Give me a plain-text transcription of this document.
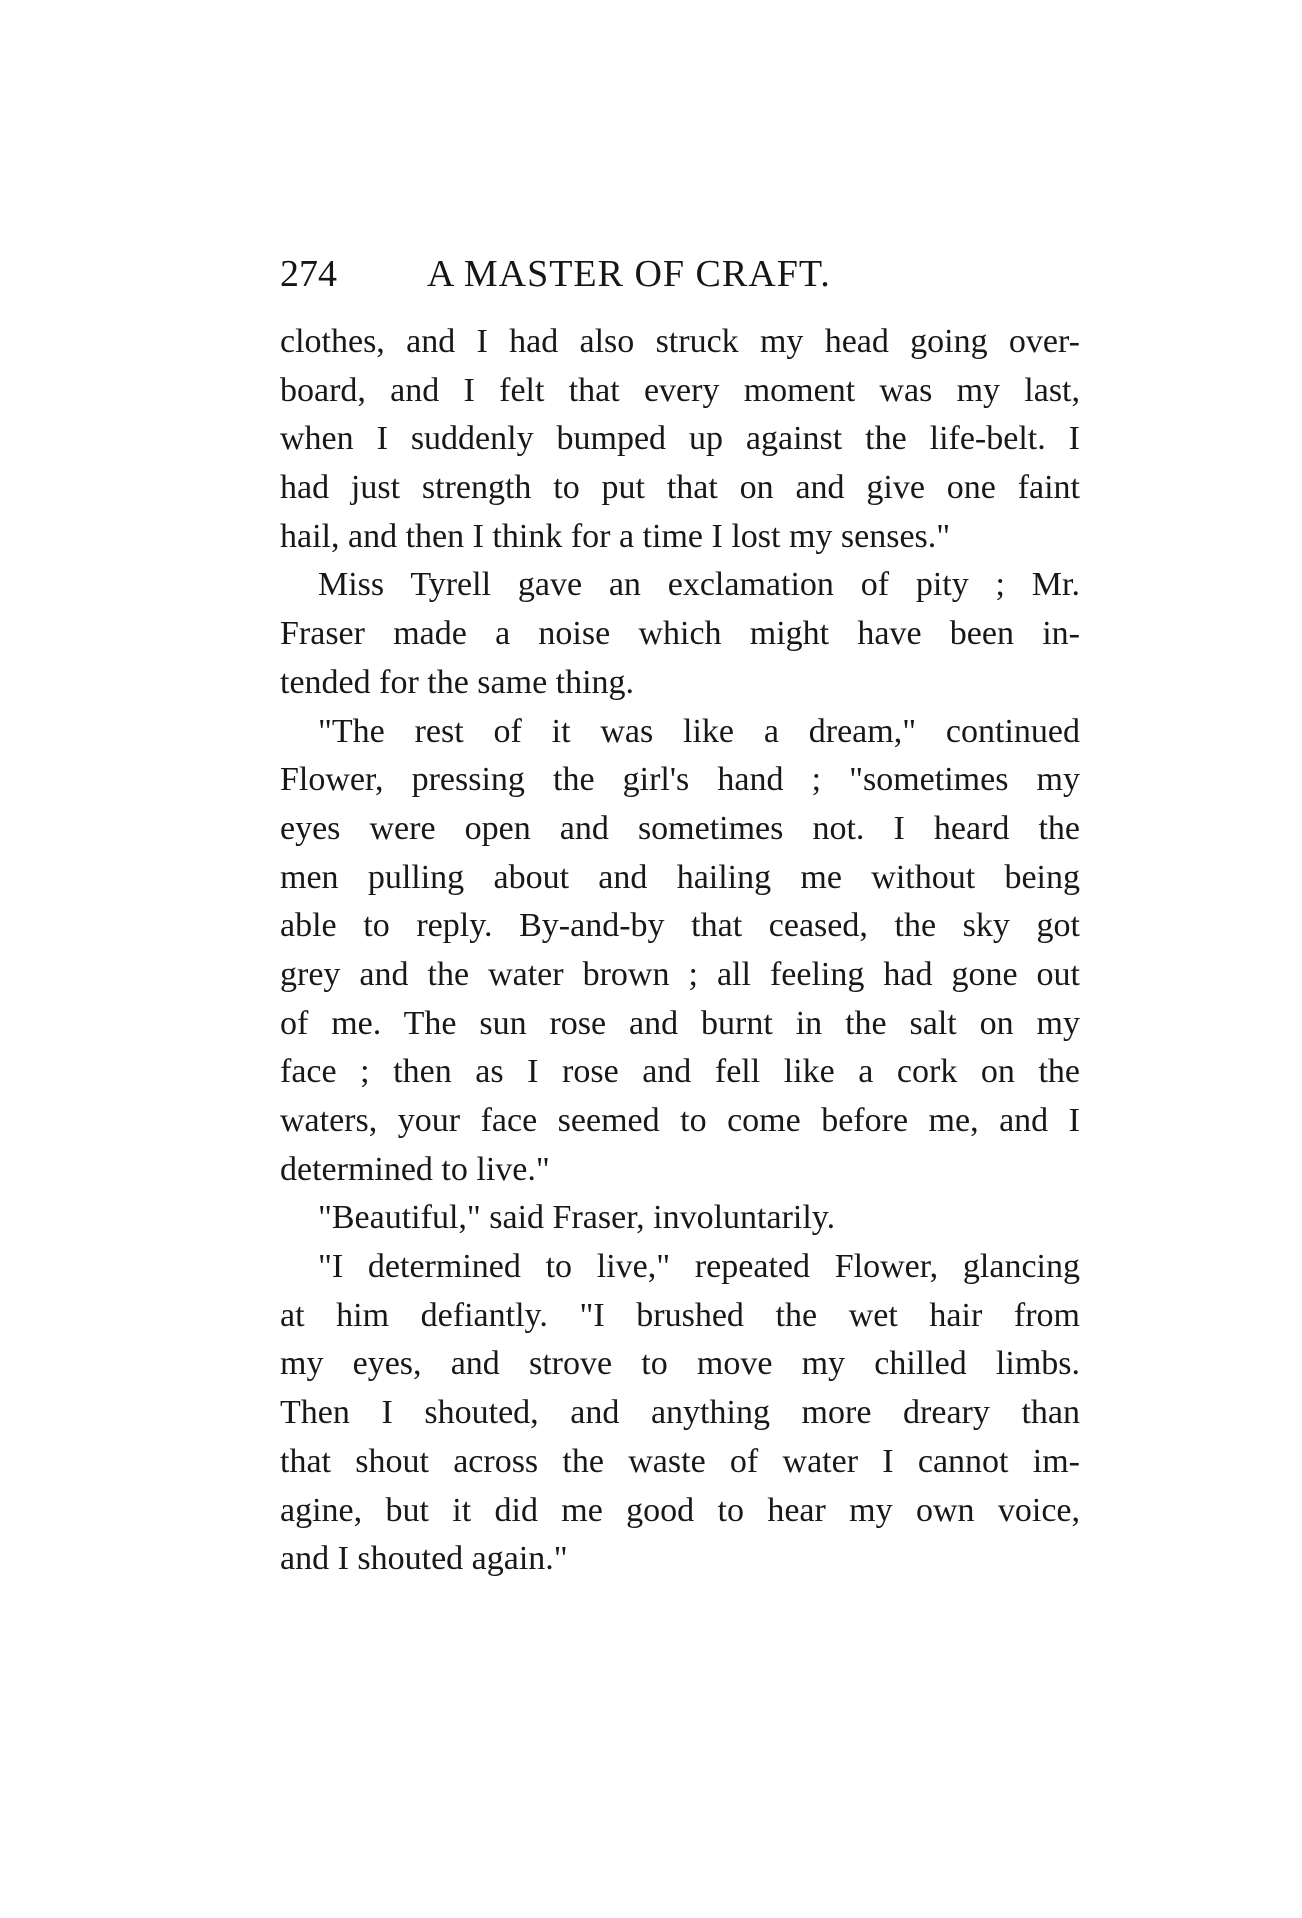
274 A MASTER OF CRAFT.
clothes, and I had also struck my head going over-
board, and I felt that every moment was my last,
when I suddenly bumped up against the life-belt. I
had just strength to put that on and give one faint
hail, and then I think for a time I lost my senses."
Miss Tyrell gave an exclamation of pity ; Mr.
Fraser made a noise which might have been in-
tended for the same thing.
"The rest of it was like a dream," continued
Flower, pressing the girl's hand ; "sometimes my
eyes were open and sometimes not. I heard the
men pulling about and hailing me without being
able to reply. By-and-by that ceased, the sky got
grey and the water brown ; all feeling had gone out
of me. The sun rose and burnt in the salt on my
face ; then as I rose and fell like a cork on the
waters, your face seemed to come before me, and I
determined to live."
"Beautiful," said Fraser, involuntarily.
"I determined to live," repeated Flower, glancing
at him defiantly. "I brushed the wet hair from
my eyes, and strove to move my chilled limbs.
Then I shouted, and anything more dreary than
that shout across the waste of water I cannot im-
agine, but it did me good to hear my own voice,
and I shouted again."
